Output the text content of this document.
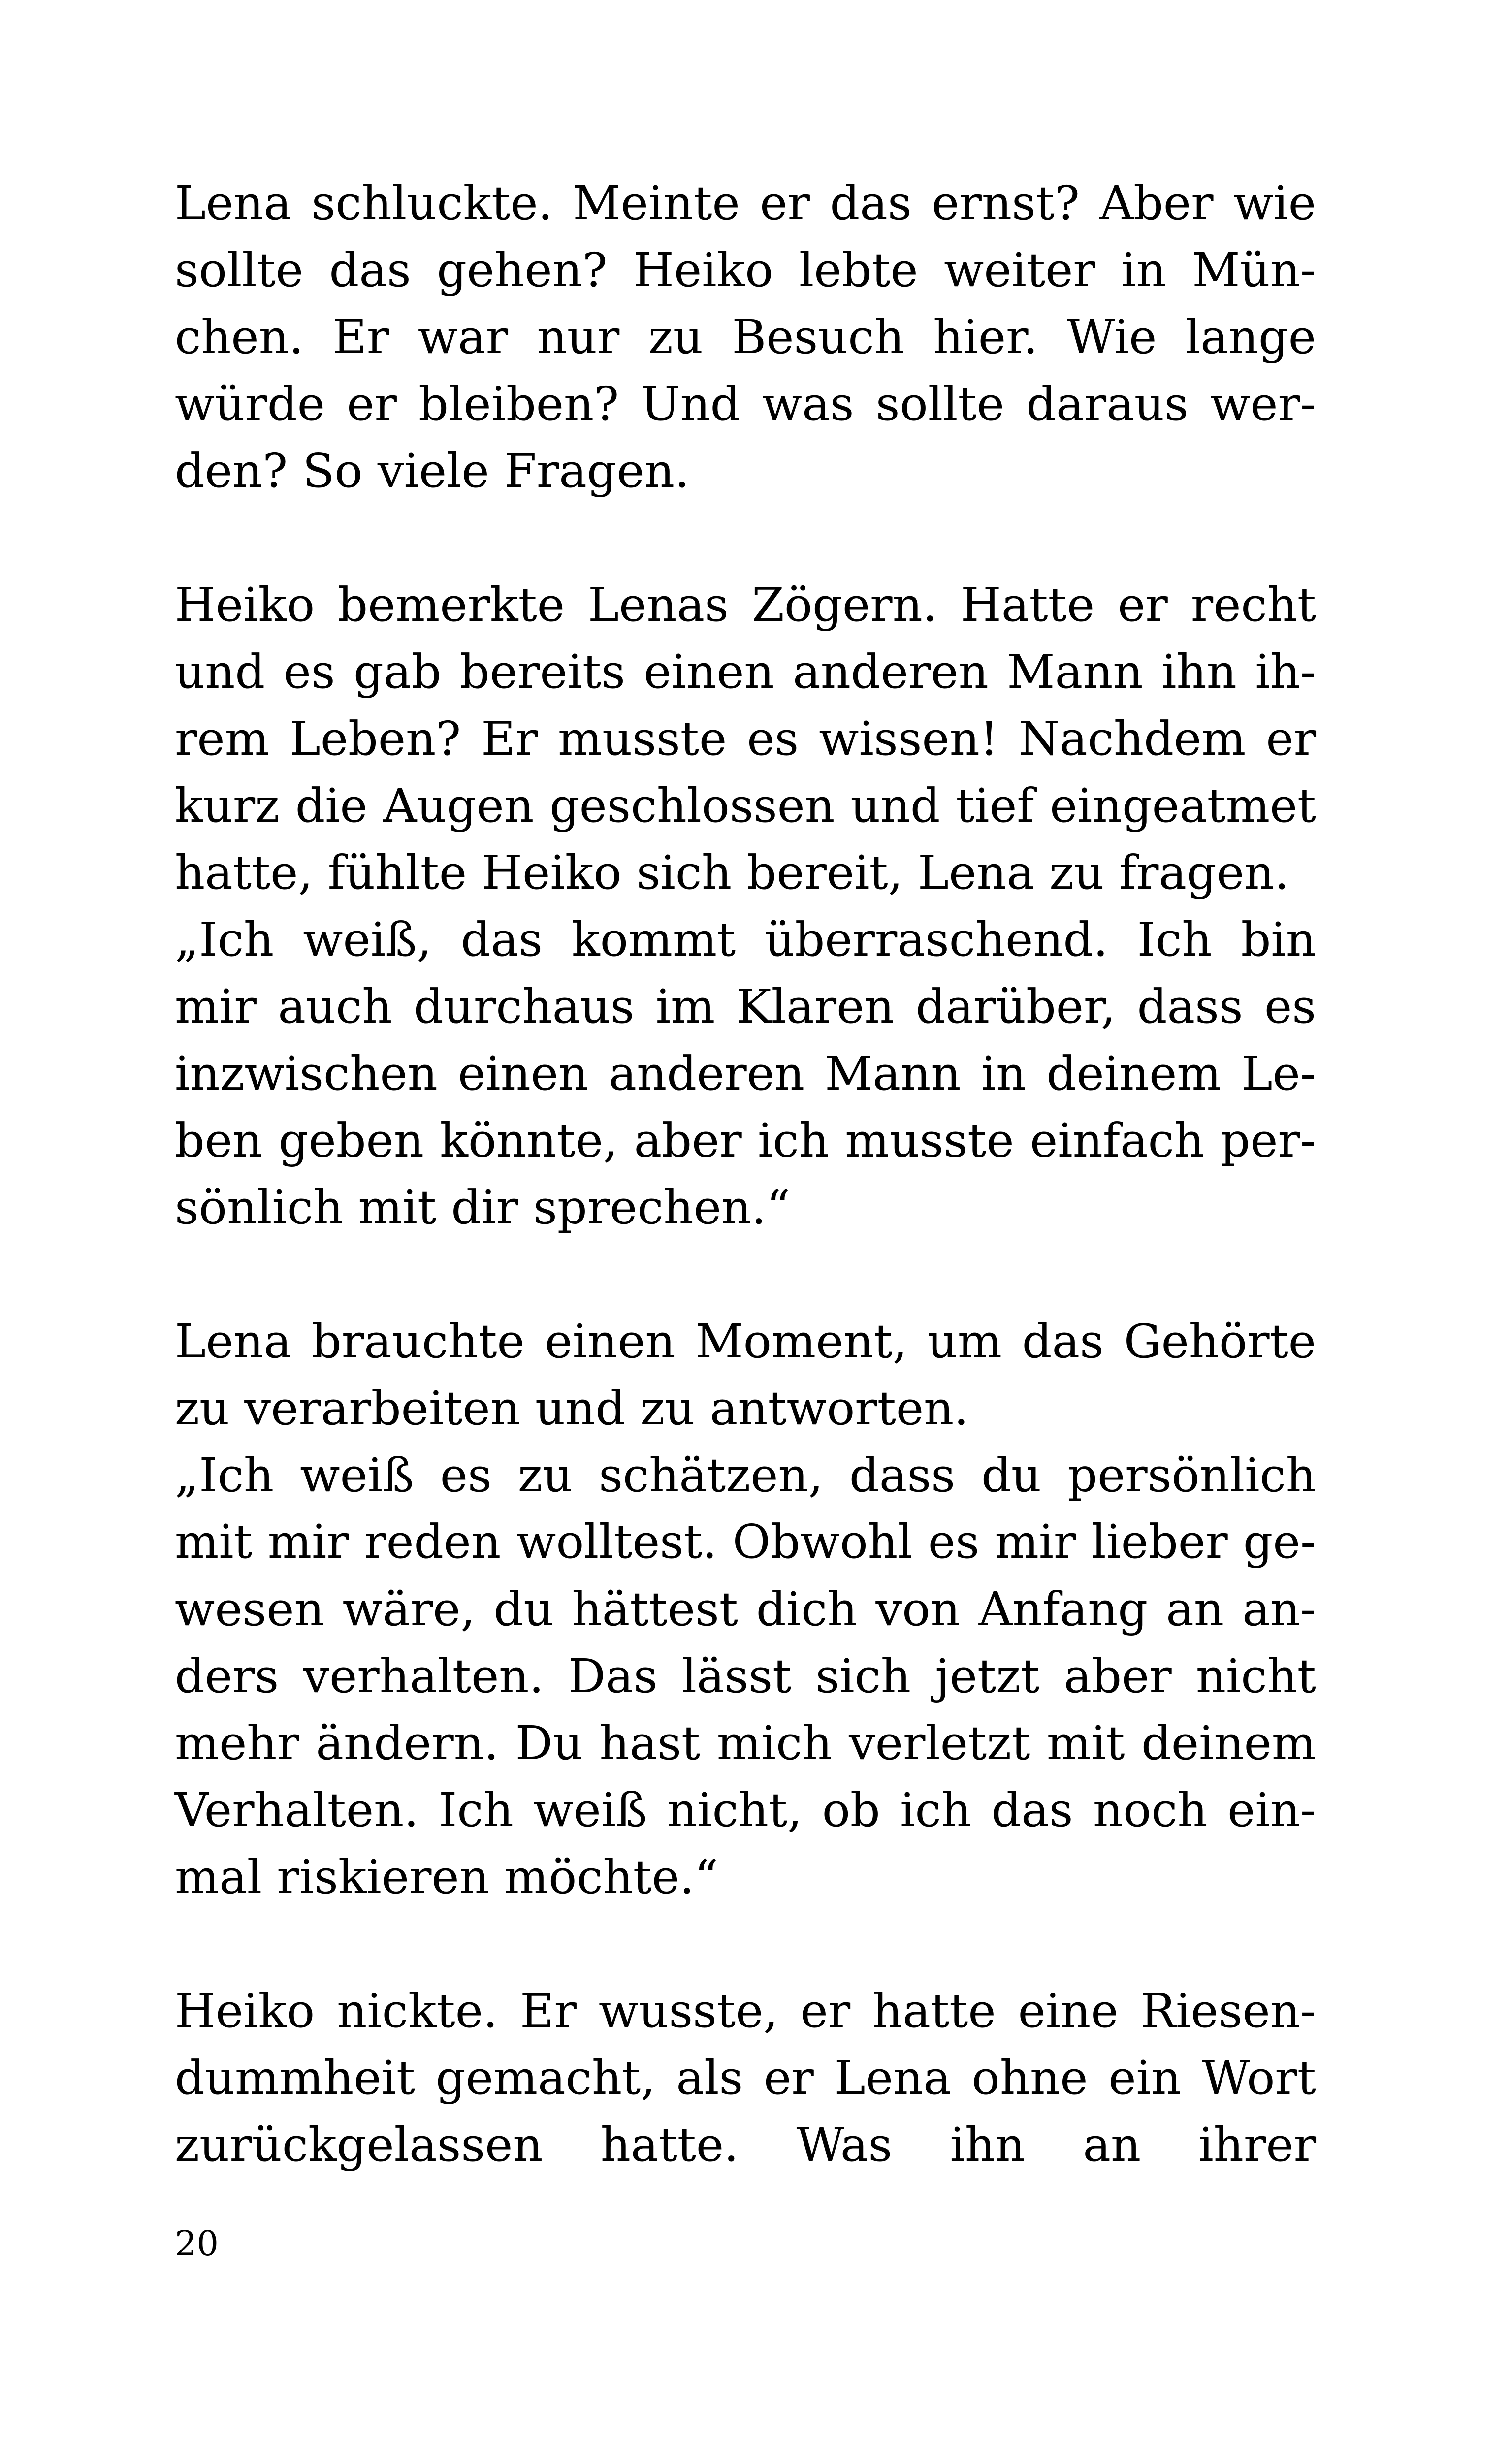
Lena schluckte. Meinte er das ernst? Aber wie
sollte das gehen? Heiko lebte weiter in Mün-
chen. Er war nur zu Besuch hier. Wie lange
würde er bleiben? Und was sollte daraus wer-
den? So viele Fragen.

Heiko bemerkte Lenas Zögern. Hatte er recht
und es gab bereits einen anderen Mann ihn ih-
rem Leben? Er musste es wissen! Nachdem er
kurz die Augen geschlossen und tief eingeatmet
hatte, fühlte Heiko sich bereit, Lena zu fragen.
„Ich weiß, das kommt überraschend. Ich bin
mir auch durchaus im Klaren darüber, dass es
inzwischen einen anderen Mann in deinem Le-
ben geben könnte, aber ich musste einfach per-
sönlich mit dir sprechen.“

Lena brauchte einen Moment, um das Gehörte
zu verarbeiten und zu antworten.
„Ich weiß es zu schätzen, dass du persönlich
mit mir reden wolltest. Obwohl es mir lieber ge-
wesen wäre, du hättest dich von Anfang an an-
ders verhalten. Das lässt sich jetzt aber nicht
mehr ändern. Du hast mich verletzt mit deinem
Verhalten. Ich weiß nicht, ob ich das noch ein-
mal riskieren möchte.“

Heiko nickte. Er wusste, er hatte eine Riesen-
dummheit gemacht, als er Lena ohne ein Wort
zurückgelassen hatte. Was ihn an ihrer

20
